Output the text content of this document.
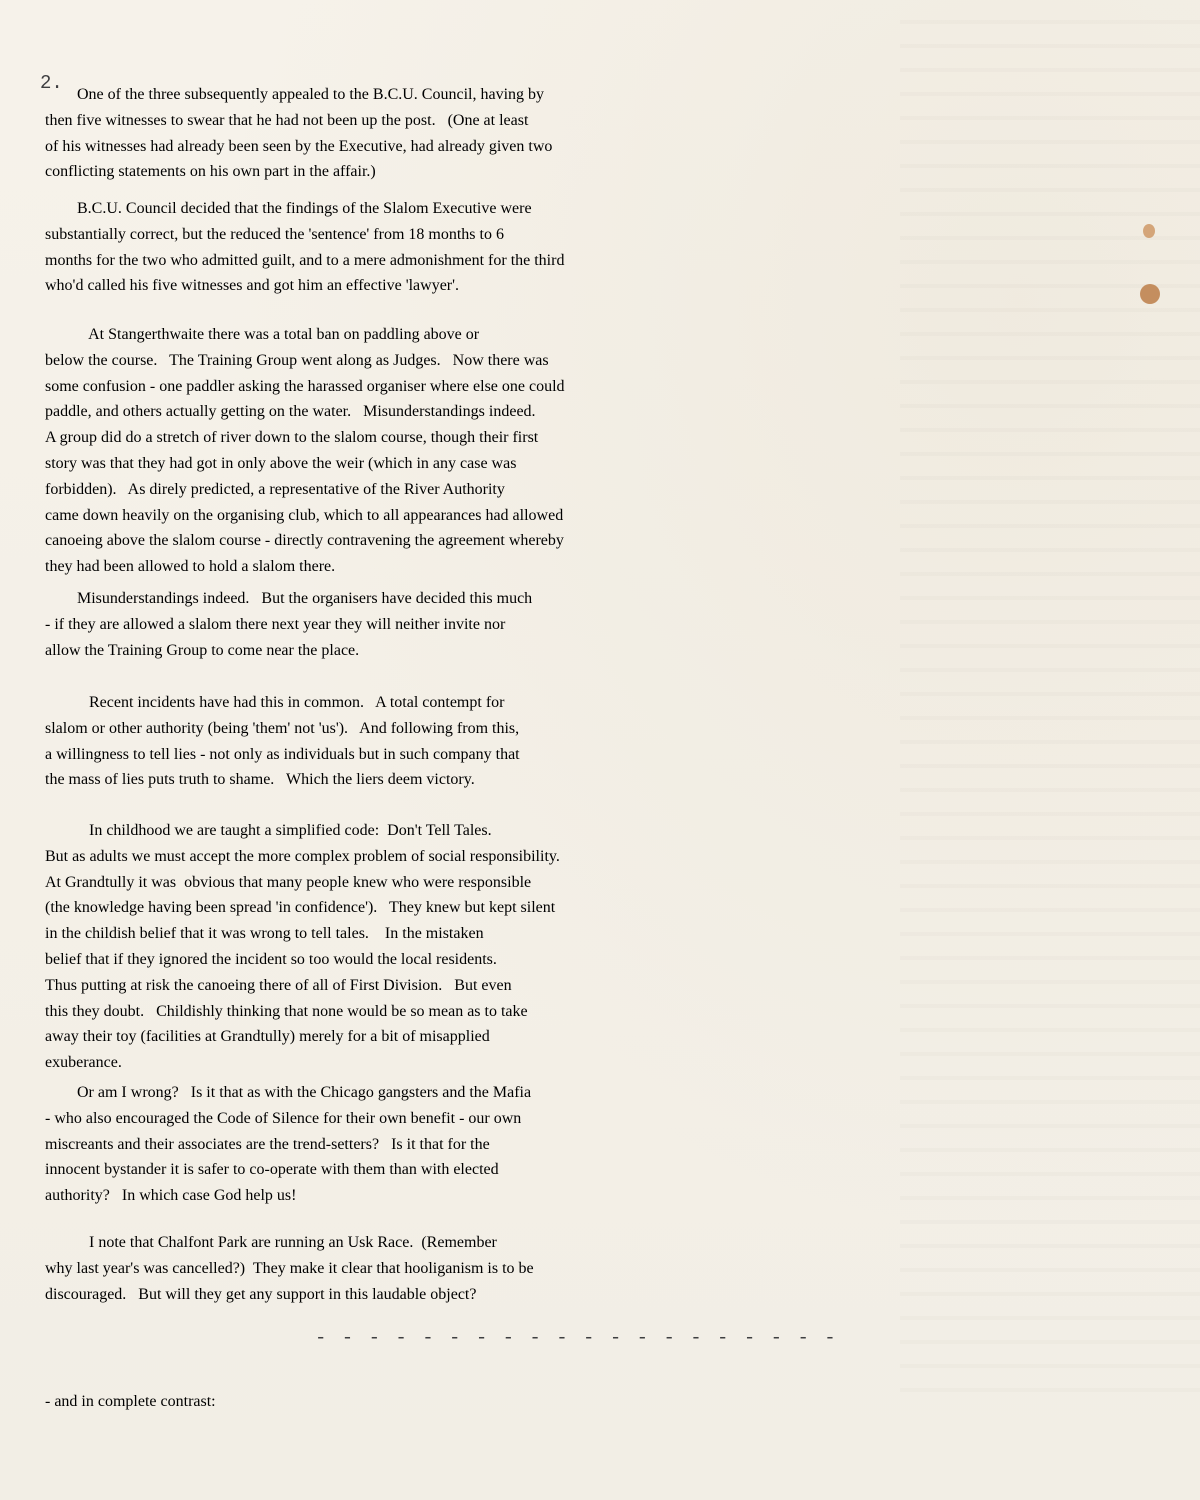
2.
One of the three subsequently appealed to the B.C.U. Council, having by
then five witnesses to swear that he had not been up the post.   (One at least
of his witnesses had already been seen by the Executive, had already given two
conflicting statements on his own part in the affair.)
B.C.U. Council decided that the findings of the Slalom Executive were
substantially correct, but the reduced the 'sentence' from 18 months to 6
months for the two who admitted guilt, and to a mere admonishment for the third
who'd called his five witnesses and got him an effective 'lawyer'.
At Stangerthwaite there was a total ban on paddling above or
below the course.   The Training Group went along as Judges.   Now there was
some confusion - one paddler asking the harassed organiser where else one could
paddle, and others actually getting on the water.   Misunderstandings indeed.
A group did do a stretch of river down to the slalom course, though their first
story was that they had got in only above the weir (which in any case was
forbidden).   As direly predicted, a representative of the River Authority
came down heavily on the organising club, which to all appearances had allowed
canoeing above the slalom course - directly contravening the agreement whereby
they had been allowed to hold a slalom there.
Misunderstandings indeed.   But the organisers have decided this much
- if they are allowed a slalom there next year they will neither invite nor
allow the Training Group to come near the place.
Recent incidents have had this in common.   A total contempt for
slalom or other authority (being 'them' not 'us').   And following from this,
a willingness to tell lies - not only as individuals but in such company that
the mass of lies puts truth to shame.   Which the liers deem victory.
In childhood we are taught a simplified code:  Don't Tell Tales.
But as adults we must accept the more complex problem of social responsibility.
At Grandtully it was  obvious that many people knew who were responsible
(the knowledge having been spread 'in confidence').   They knew but kept silent
in the childish belief that it was wrong to tell tales.    In the mistaken
belief that if they ignored the incident so too would the local residents.
Thus putting at risk the canoeing there of all of First Division.   But even
this they doubt.   Childishly thinking that none would be so mean as to take
away their toy (facilities at Grandtully) merely for a bit of misapplied
exuberance.
Or am I wrong?   Is it that as with the Chicago gangsters and the Mafia
- who also encouraged the Code of Silence for their own benefit - our own
miscreants and their associates are the trend-setters?   Is it that for the
innocent bystander it is safer to co-operate with them than with elected
authority?   In which case God help us!
I note that Chalfont Park are running an Usk Race.  (Remember
why last year's was cancelled?)  They make it clear that hooliganism is to be
discouraged.   But will they get any support in this laudable object?
- - - - - - - - - - - - - - - - - - - -
- and in complete contrast:
